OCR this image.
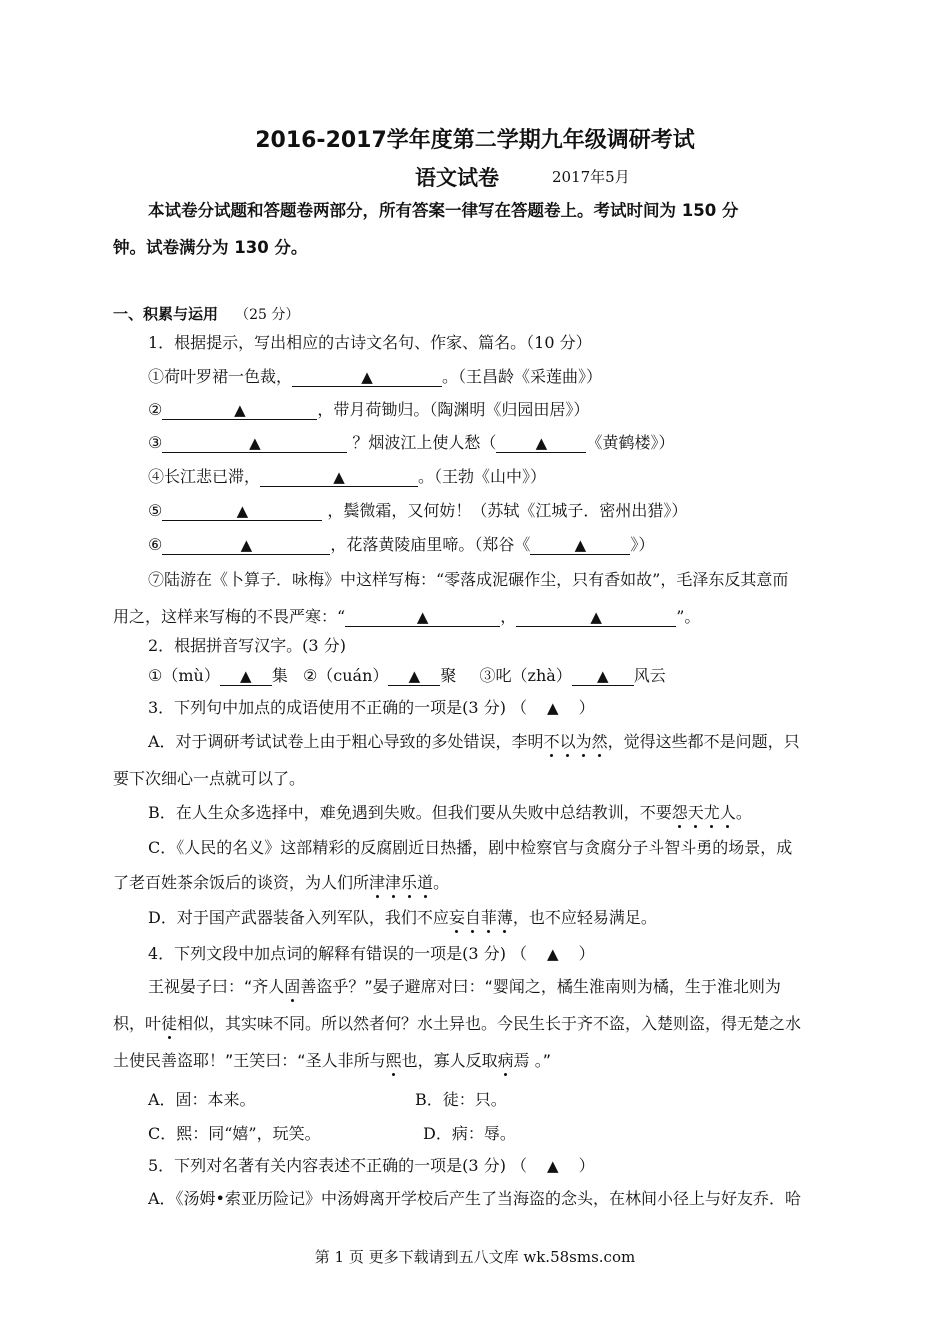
2016-2017学年度第二学期九年级调研考试
语文试卷	2017年5月
本试卷分试题和答题卷两部分，所有答案一律写在答题卷上。考试时间为 150 分
钟。试卷满分为 130 分。
一、积累与运用 （25 分）
1．根据提示，写出相应的古诗文名句、作家、篇名。（10 分）
①荷叶罗裙一色裁，	▲	。（王昌龄《采莲曲》）
②	▲	，带月荷锄归。（陶渊明《归园田居》）
③	▲	？烟波江上使人愁（	▲ 《黄鹤楼》）
④长江悲已滞，	▲	。（王勃《山中》）
⑤	▲	，鬓微霜，又何妨！（苏轼《江城子．密州出猎》）
⑥	▲	，花落黄陵庙里啼。（郑谷《	▲	》）
⑦陆游在《卜算子．咏梅》中这样写梅：“零落成泥碾作尘，只有香如故”，毛泽东反其意而
用之，这样来写梅的不畏严寒：“	▲	，	▲	”。
2．根据拼音写汉字。(3 分)
①（mù） ▲ 集 ②（cuán） ▲ 聚 ③叱（zhà） ▲ 风云
3．下列句中加点的成语使用不正确的一项是(3 分) （ ▲ ）
A．对于调研考试试卷上由于粗心导致的多处错误，李明不以为然，觉得这些都不是问题，只
要下次细心一点就可以了。
B．在人生众多选择中，难免遇到失败。但我们要从失败中总结教训，不要怨天尤人。
C．《人民的名义》这部精彩的反腐剧近日热播，剧中检察官与贪腐分子斗智斗勇的场景，成
了老百姓茶余饭后的谈资，为人们所津津乐道。
D．对于国产武器装备入列军队，我们不应妄自菲薄，也不应轻易满足。
4．下列文段中加点词的解释有错误的一项是(3 分) （ ▲ ）
王视晏子曰：“齐人固善盗乎？”晏子避席对曰：“婴闻之，橘生淮南则为橘，生于淮北则为
枳，叶徒相似，其实味不同。所以然者何？水土异也。今民生长于齐不盗，入楚则盗，得无楚之水
土使民善盗耶！”王笑曰：“圣人非所与熙也，寡人反取病焉 。”
A．固：本来。	B．徒：只。
C．熙：同“嬉”，玩笑。	D．病：辱。
5．下列对名著有关内容表述不正确的一项是(3 分) （ ▲ ）
A．《汤姆•索亚历险记》中汤姆离开学校后产生了当海盗的念头，在林间小径上与好友乔．哈
第 1 页 更多下载请到五八文库 wk.58sms.com
